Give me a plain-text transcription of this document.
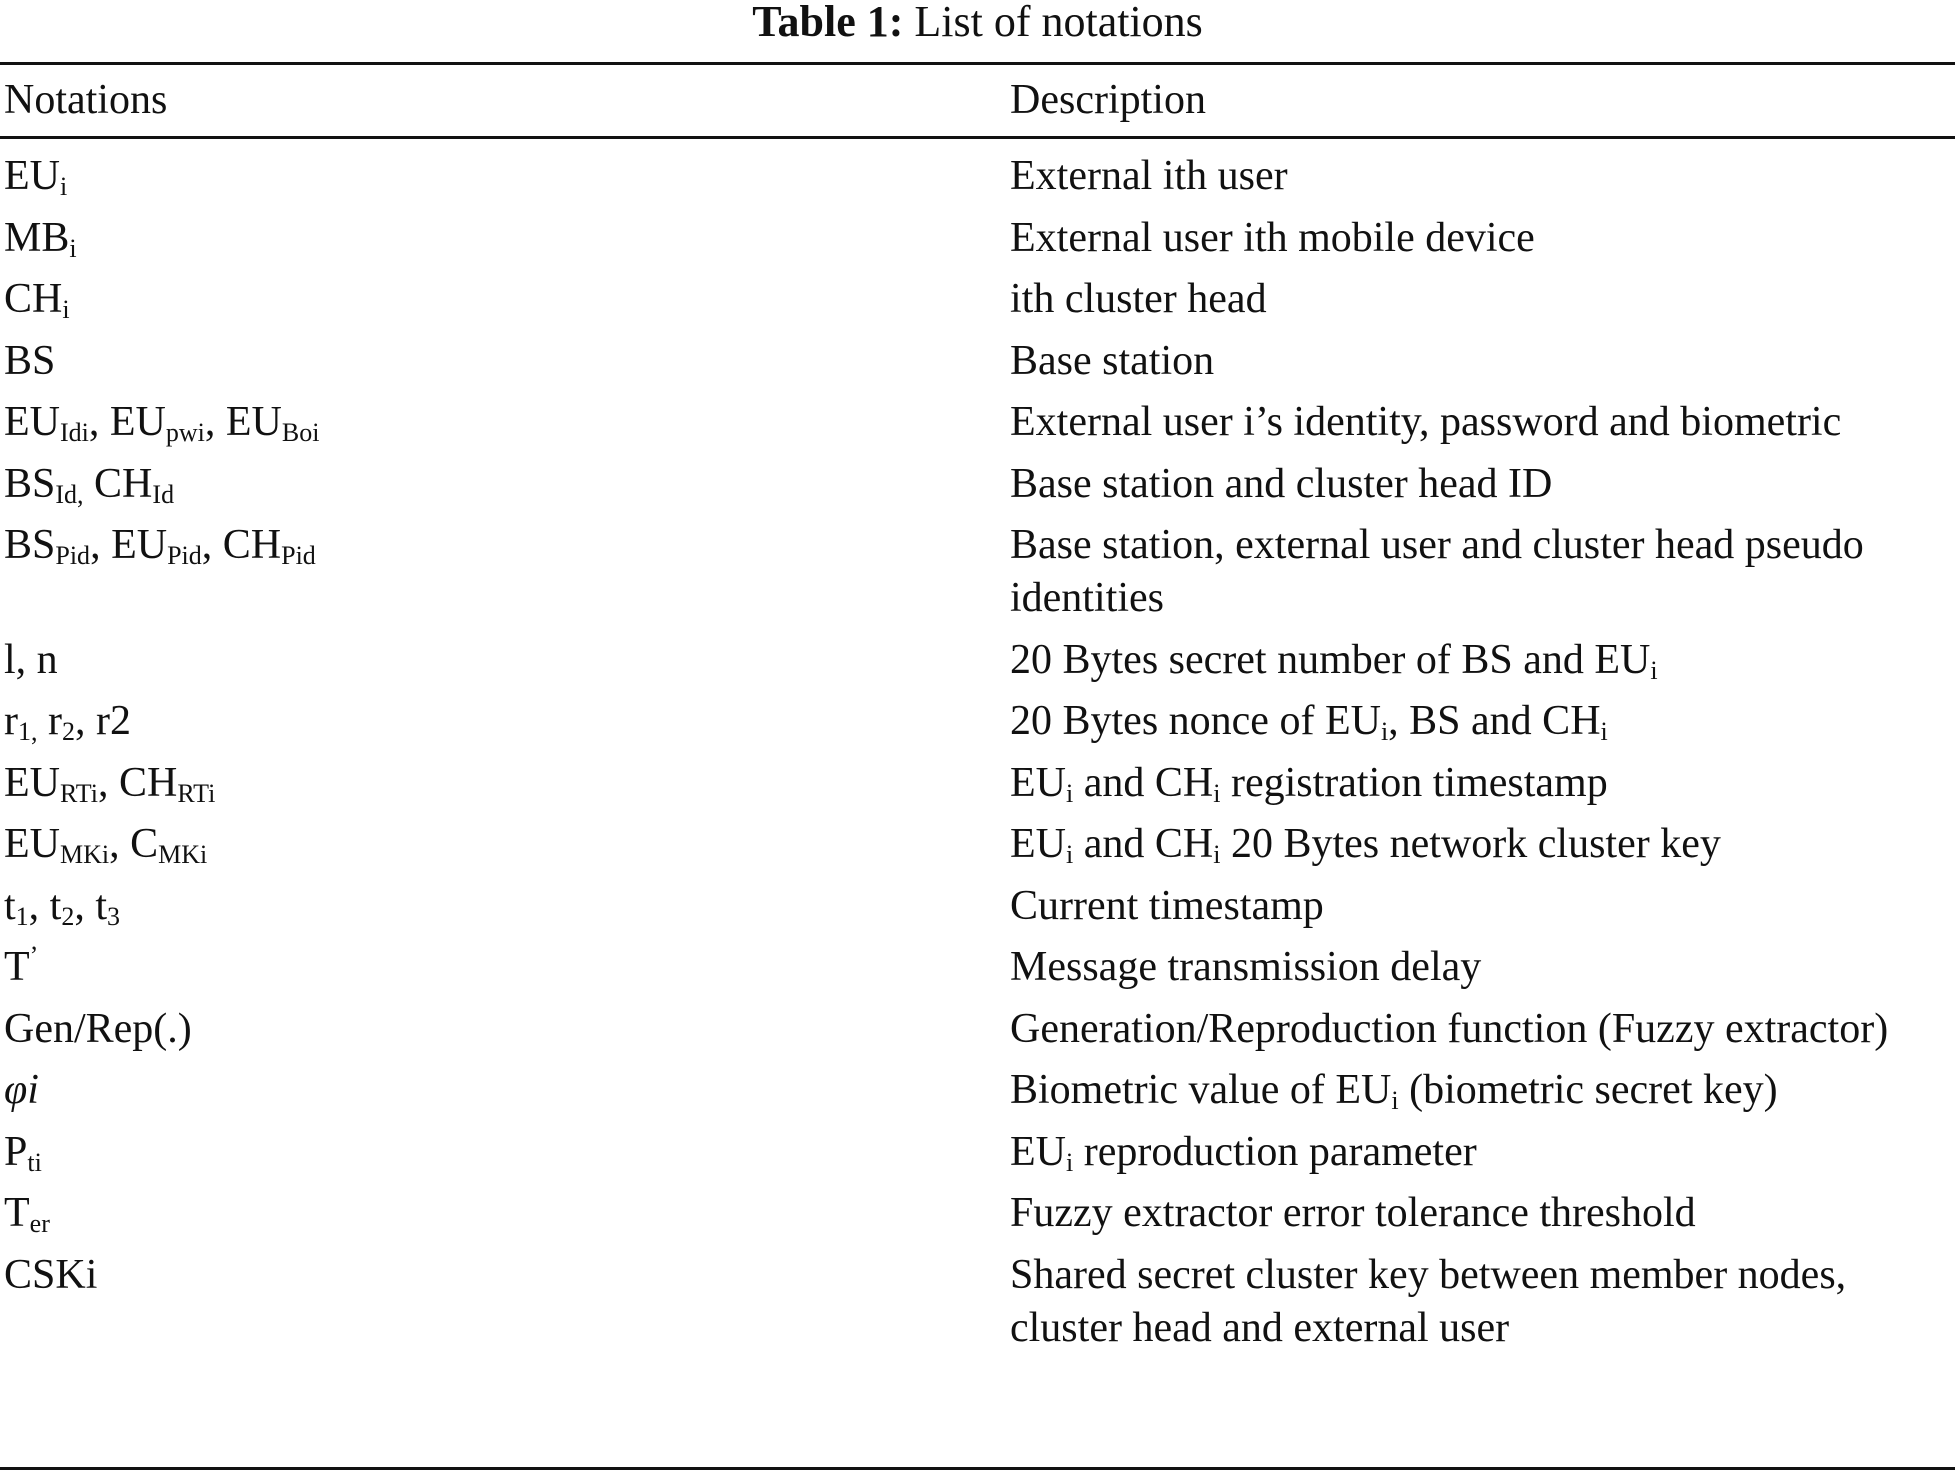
Table 1: List of notations
Notations	Description
$EU_i$	External ith user
$MB_i$	External user ith mobile device
$CH_i$	ith cluster head
BS	Base station
$EU_{Idi}$, $EU_{pwi}$, $EU_{Boi}$	External user i’s identity, password and biometric
$BS_{Id,}$ $CH_{Id}$	Base station and cluster head ID
$BS_{Pid}$, $EU_{Pid}$, $CH_{Pid}$	Base station, external user and cluster head pseudo identities
l, n	20 Bytes secret number of BS and $EU_i$
$r_{1,}$ $r_2$, r2	20 Bytes nonce of $EU_i$, BS and $CH_i$
$EU_{RTi}$, $CH_{RTi}$	$EU_i$ and $CH_i$ registration timestamp
$EU_{MKi}$, $C_{MKi}$	$EU_i$ and $CH_i$ 20 Bytes network cluster key
$t_1$, $t_2$, $t_3$	Current timestamp
T’	Message transmission delay
Gen/Rep(.)	Generation/Reproduction function (Fuzzy extractor)
φi	Biometric value of $EU_i$ (biometric secret key)
$P_{ti}$	$EU_i$ reproduction parameter
$T_{er}$	Fuzzy extractor error tolerance threshold
CSKi	Shared secret cluster key between member nodes, cluster head and external user
